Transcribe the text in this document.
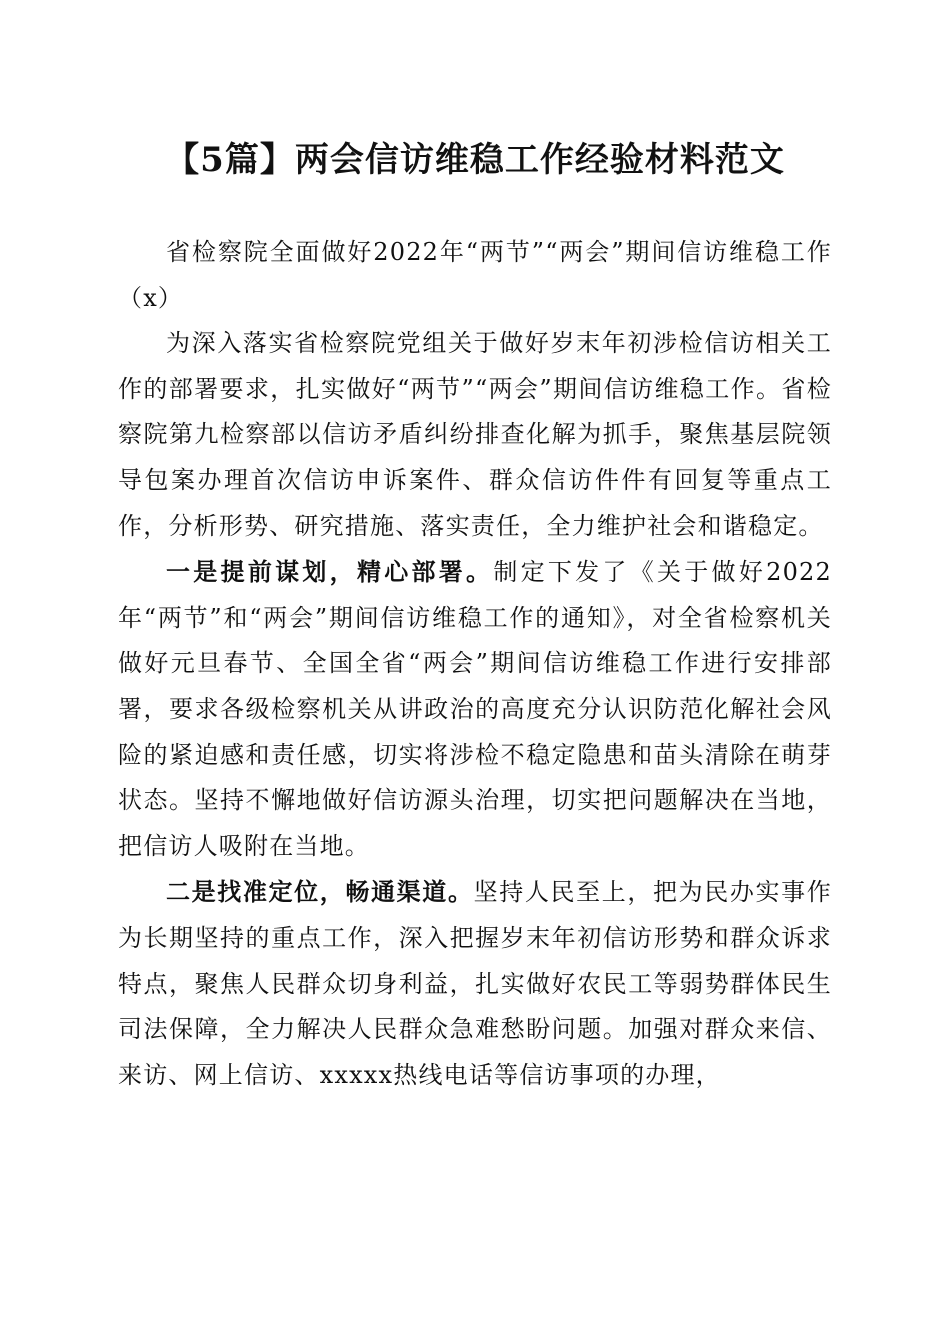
【5篇】两会信访维稳工作经验材料范文

省检察院全面做好2022年“两节”“两会”期间信访维稳工作（x）

为深入落实省检察院党组关于做好岁末年初涉检信访相关工作的部署要求，扎实做好“两节”“两会”期间信访维稳工作。省检察院第九检察部以信访矛盾纠纷排查化解为抓手，聚焦基层院领导包案办理首次信访申诉案件、群众信访件件有回复等重点工作，分析形势、研究措施、落实责任，全力维护社会和谐稳定。

一是提前谋划，精心部署。制定下发了《关于做好2022年“两节”和“两会”期间信访维稳工作的通知》，对全省检察机关做好元旦春节、全国全省“两会”期间信访维稳工作进行安排部署，要求各级检察机关从讲政治的高度充分认识防范化解社会风险的紧迫感和责任感，切实将涉检不稳定隐患和苗头清除在萌芽状态。坚持不懈地做好信访源头治理，切实把问题解决在当地，把信访人吸附在当地。

二是找准定位，畅通渠道。坚持人民至上，把为民办实事作为长期坚持的重点工作，深入把握岁末年初信访形势和群众诉求特点，聚焦人民群众切身利益，扎实做好农民工等弱势群体民生司法保障，全力解决人民群众急难愁盼问题。加强对群众来信、来访、网上信访、xxxxx热线电话等信访事项的办理，
